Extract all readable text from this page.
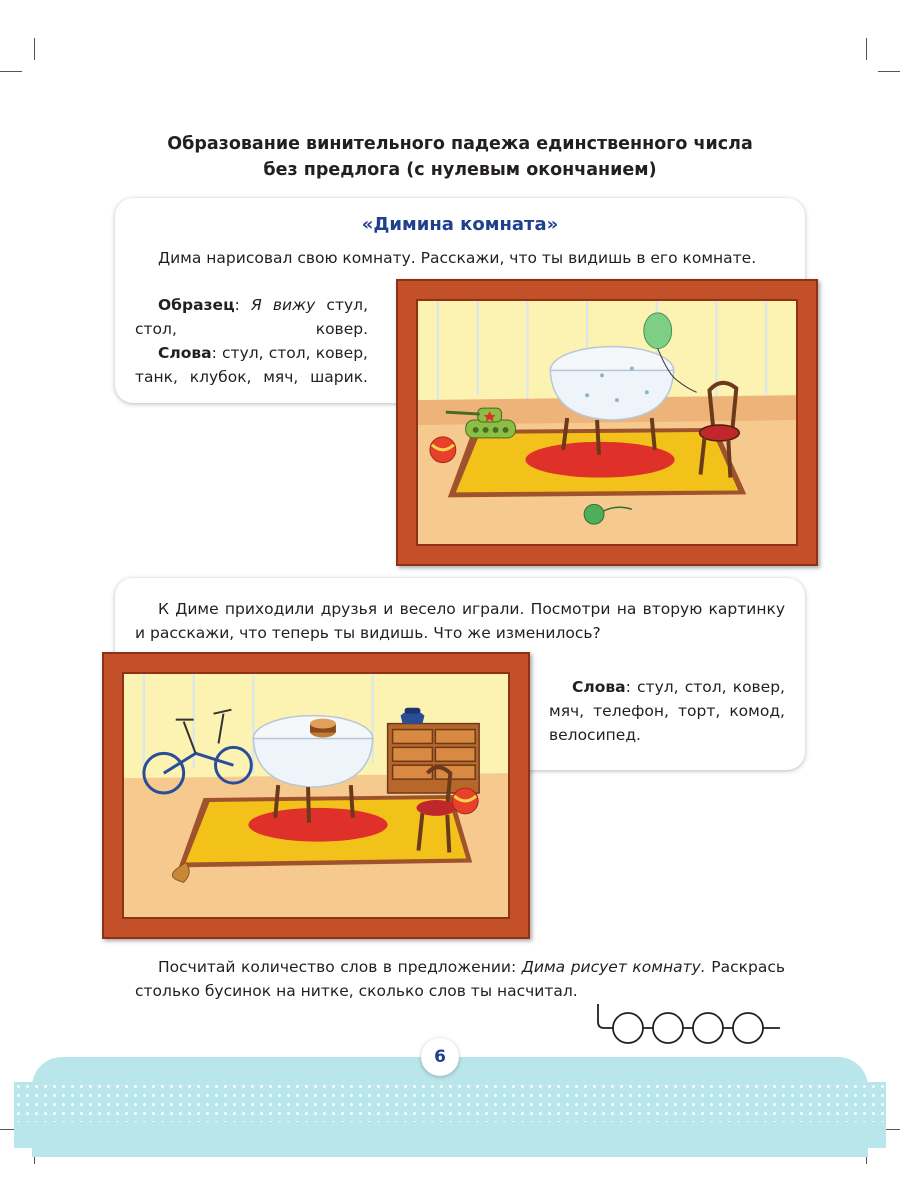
Образование винительного падежа единственного числа
без предлога (с нулевым окончанием)
«Димина комната»
Дима нарисовал свою комнату. Расскажи, что ты видишь в его комнате.
Образец: Я вижу стул, стол, ковер.
Слова: стул, стол, ковер, танк, клубок, мяч, шарик.
К Диме приходили друзья и весело играли. Посмотри на вторую картинку и расскажи, что теперь ты видишь. Что же изменилось?
Слова: стул, стол, ковер, мяч, телефон, торт, комод, велосипед.
Посчитай количество слов в предложении: Дима рисует комнату. Раскрась столько бусинок на нитке, сколько слов ты насчитал.
6
